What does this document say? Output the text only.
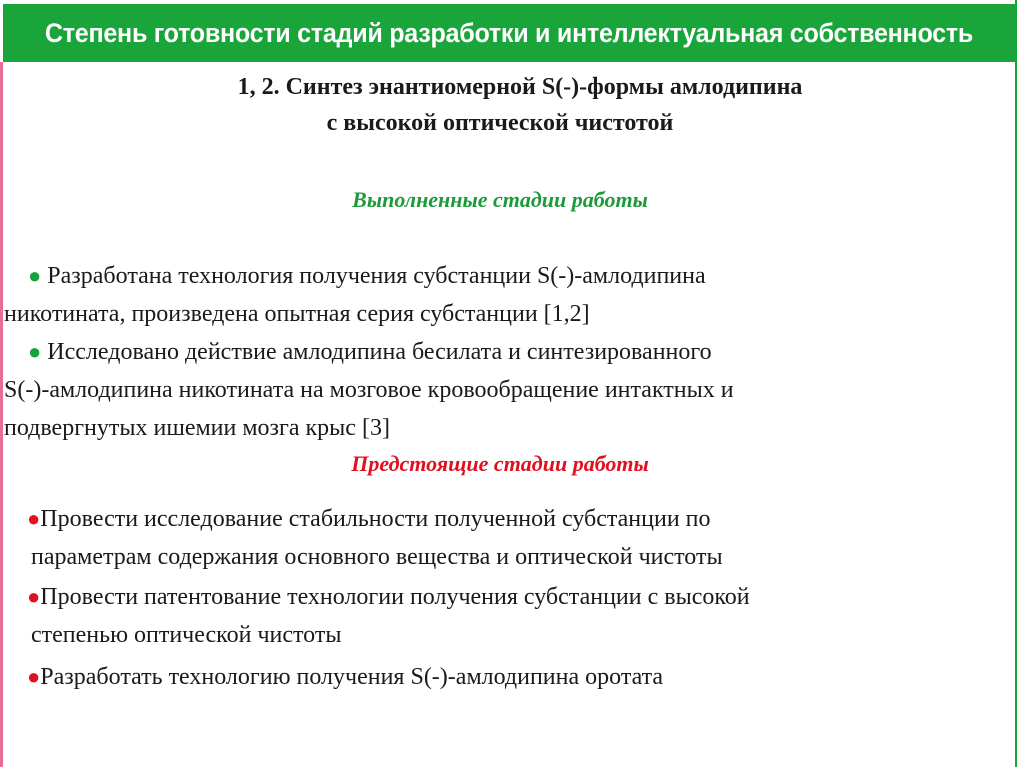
Степень готовности стадий разработки и интеллектуальная собственность
1, 2. Синтез энантиомерной S(-)-формы амлодипина
с высокой оптической чистотой
Выполненные стадии работы
● Разработана технология получения субстанции S(-)-амлодипина
никотината, произведена опытная серия субстанции [1,2]
● Исследовано действие амлодипина бесилата и синтезированного
S(-)-амлодипина никотината на мозговое кровообращение интактных и
подвергнутых ишемии мозга крыс [3]
Предстоящие стадии работы
●Провести исследование стабильности полученной субстанции по
параметрам содержания основного вещества и оптической чистоты
●Провести патентование технологии получения субстанции с высокой
степенью оптической чистоты
●Разработать технологию получения S(-)-амлодипина оротата
